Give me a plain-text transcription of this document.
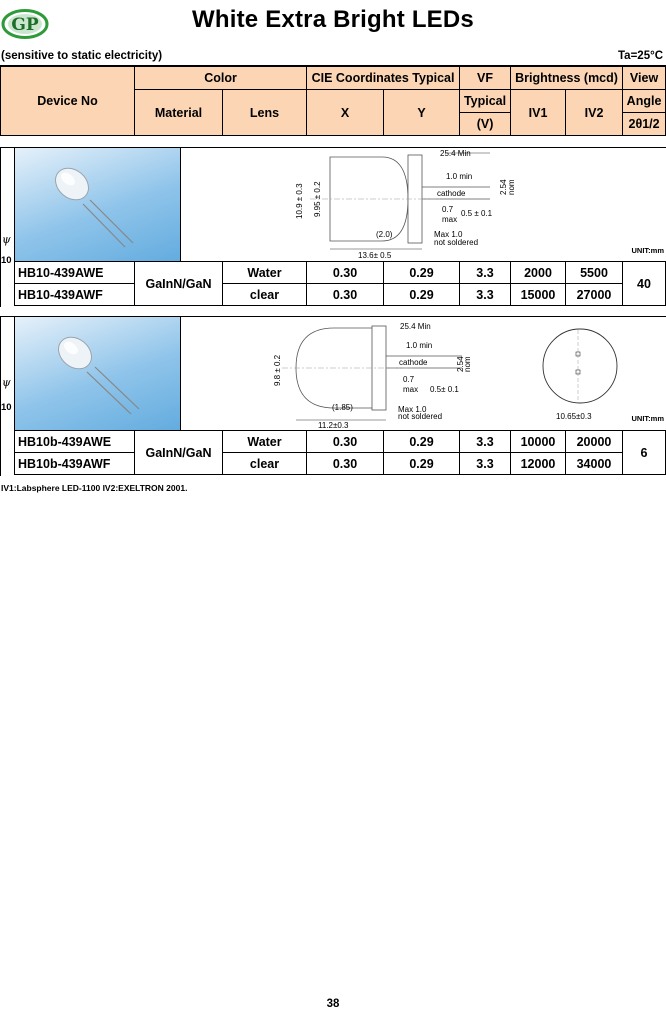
GP	White Extra Bright LEDs
(sensitive to static electricity)	Ta=25°C
Device No	Color		CIE Coordinates Typical		VF	Brightness (mcd)		View
	Material	Lens	X	Y	Typical	IV1	IV2	Angle
					(V)			2θ1/2
ψ
10
25.4 Min
1.0 min
cathode	2.54 nom
0.7
max
0.5 ± 0.1
(2.0)	Max 1.0
not soldered
13.6± 0.5
10.9 ± 0.3 9.95 ± 0.2
UNIT:mm
HB10-439AWE	GaInN/GaN	Water	0.30	0.29	3.3	2000	5500	40
HB10-439AWF		clear	0.30	0.29	3.3	15000	27000	
ψ
10
25.4 Min
1.0 min
cathode	2.54
nom
0.7
max 0.5± 0.1
(1.85)	Max 1.0
not soldered
11.2±0.3
9.8 ± 0.2
10.65±0.3	UNIT:mm
HB10b-439AWE	GaInN/GaN	Water	0.30	0.29	3.3	10000	20000	6
HB10b-439AWF		clear	0.30	0.29	3.3	12000	34000	
IV1:Labsphere LED-1100 IV2:EXELTRON 2001.
38
